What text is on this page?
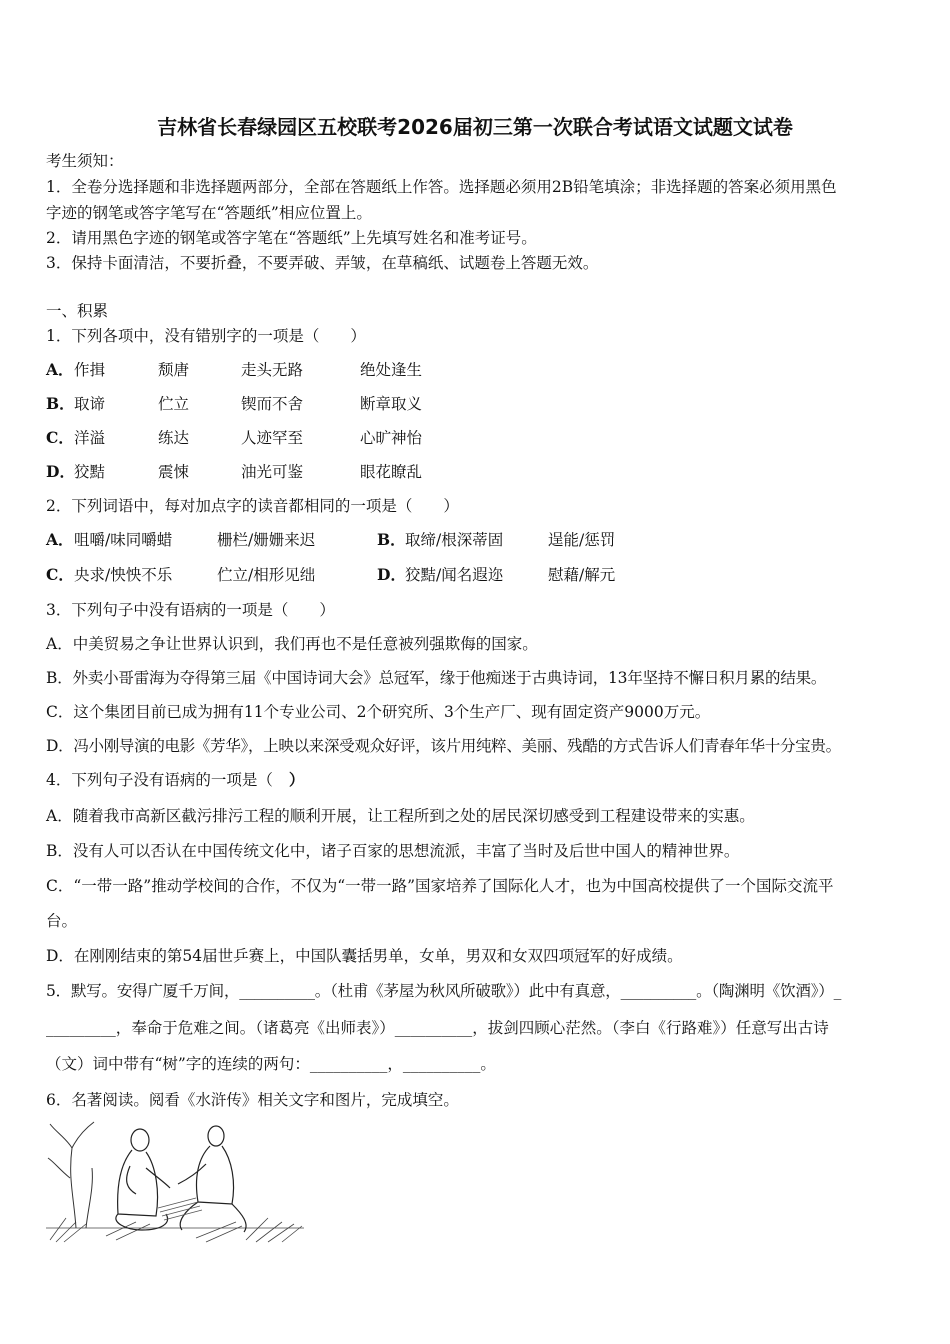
吉林省长春绿园区五校联考2026届初三第一次联合考试语文试题文试卷
考生须知：
1．全卷分选择题和非选择题两部分，全部在答题纸上作答。选择题必须用2B铅笔填涂；非选择题的答案必须用黑色
字迹的钢笔或答字笔写在“答题纸”相应位置上。
2．请用黑色字迹的钢笔或答字笔在“答题纸”上先填写姓名和准考证号。
3．保持卡面清洁，不要折叠，不要弄破、弄皱，在草稿纸、试题卷上答题无效。
一、积累
1．下列各项中，没有错别字的一项是（　　）
A． 作揖	颓唐	走头无路	绝处逢生
B． 取谛	伫立	锲而不舍	断章取义
C． 洋溢	练达	人迹罕至	心旷神怡
D． 狡黠	震悚	油光可鉴	眼花瞭乱
2．下列词语中，每对加点字的读音都相同的一项是（　　）
A． 咀嚼/味同嚼蜡	栅栏/姗姗来迟	B． 取缔/根深蒂固	逞能/惩罚
C． 央求/怏怏不乐	伫立/相形见绌	D． 狡黠/闻名遐迩	慰藉/解元
3．下列句子中没有语病的一项是（　　）
A．中美贸易之争让世界认识到，我们再也不是任意被列强欺侮的国家。
B．外卖小哥雷海为夺得第三届《中国诗词大会》总冠军，缘于他痴迷于古典诗词，13年坚持不懈日积月累的结果。
C．这个集团目前已成为拥有11个专业公司、2个研究所、3个生产厂、现有固定资产9000万元。
D．冯小刚导演的电影《芳华》，上映以来深受观众好评，该片用纯粹、美丽、残酷的方式告诉人们青春年华十分宝贵。
4．下列句子没有语病的一项是（ ）
A．随着我市高新区截污排污工程的顺利开展，让工程所到之处的居民深切感受到工程建设带来的实惠。
B．没有人可以否认在中国传统文化中，诸子百家的思想流派，丰富了当时及后世中国人的精神世界。
C．“一带一路”推动学校间的合作，不仅为“一带一路”国家培养了国际化人才，也为中国高校提供了一个国际交流平
台。
D．在刚刚结束的第54届世乒赛上，中国队囊括男单，女单，男双和女双四项冠军的好成绩。
5．默写。安得广厦千万间，__________。（杜甫《茅屋为秋风所破歌》）此中有真意，__________。（陶渊明《饮酒》）_
_________，奉命于危难之间。（诸葛亮《出师表》）__________，拔剑四顾心茫然。（李白《行路难》）任意写出古诗
（文）词中带有“树”字的连续的两句：__________，__________。
6．名著阅读。阅看《水浒传》相关文字和图片，完成填空。
